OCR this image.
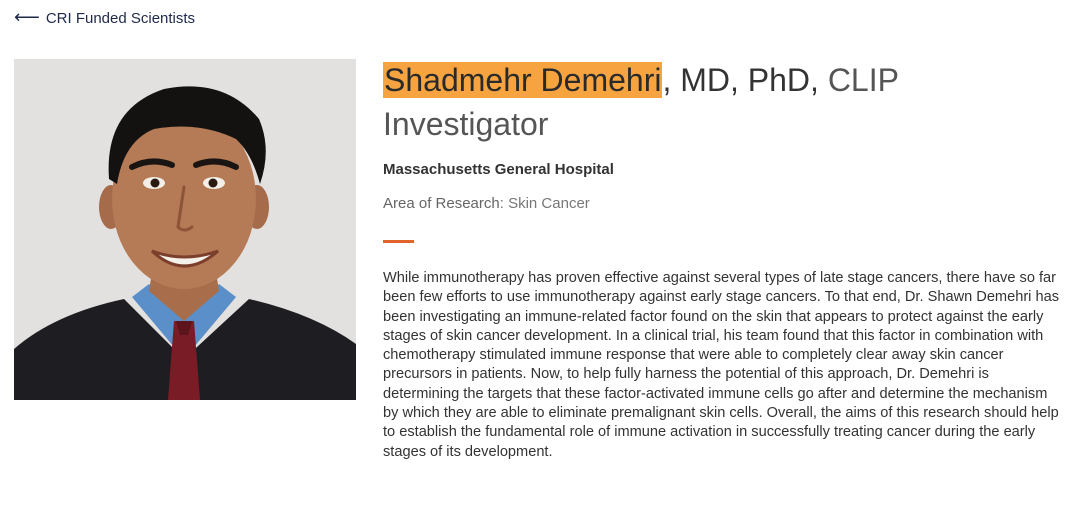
⟵ CRI Funded Scientists
Shadmehr Demehri, MD, PhD, CLIP Investigator
Massachusetts General Hospital
Area of Research: Skin Cancer

While immunotherapy has proven effective against several types of late stage cancers, there have so far been few efforts to use immunotherapy against early stage cancers. To that end, Dr. Shawn Demehri has been investigating an immune-related factor found on the skin that appears to protect against the early stages of skin cancer development. In a clinical trial, his team found that this factor in combination with chemotherapy stimulated immune response that were able to completely clear away skin cancer precursors in patients. Now, to help fully harness the potential of this approach, Dr. Demehri is determining the targets that these factor-activated immune cells go after and determine the mechanism by which they are able to eliminate premalignant skin cells. Overall, the aims of this research should help to establish the fundamental role of immune activation in successfully treating cancer during the early stages of its development.
